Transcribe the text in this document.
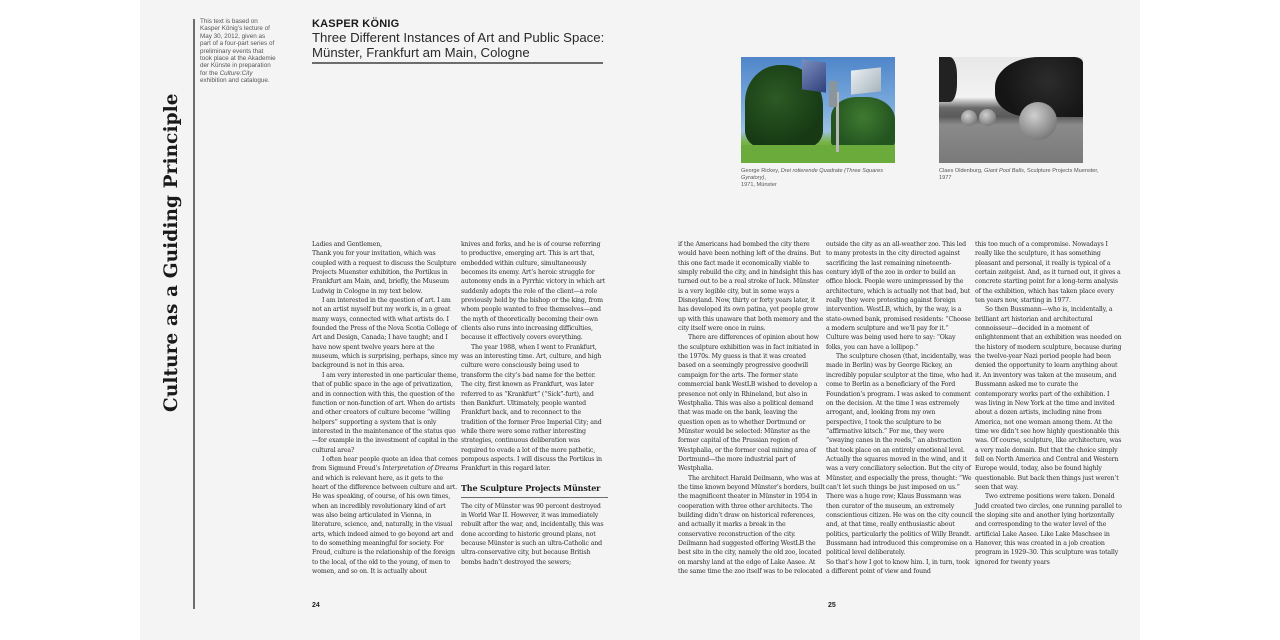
Culture as a Guiding Principle
This text is based on
Kasper König’s lecture of
May 30, 2012, given as
part of a four-part series of
preliminary events that
took place at the Akademie
der Künste in preparation
for the Culture:City
exhibition and catalogue.
KASPER KÖNIG
Three Different Instances of Art and Public Space:
Münster, Frankfurt am Main, Cologne
George Rickey, Drei rotierende Quadrate (Three Squares Gyratory),
1971, Münster
Claes Oldenburg, Giant Pool Balls, Sculpture Projects Muenster,
1977

Ladies and Gentlemen,

Thank you for your invitation, which was coupled with a request to discuss the Sculpture Projects Muenster exhibition, the Portikus in Frankfurt am Main, and, briefly, the Museum Ludwig in Cologne in my text below.

I am interested in the question of art. I am not an artist myself but my work is, in a great many ways, connected with what artists do. I founded the Press of the Nova Scotia College of Art and Design, Canada; I have taught; and I have now spent twelve years here at the museum, which is surprising, perhaps, since my background is not in this area.

I am very interested in one particular theme, that of public space in the age of privatization, and in connection with this, the question of the function or non-function of art. When do artists and other creators of culture become “willing helpers” supporting a system that is only interested in the maintenance of the status quo—for example in the investment of capital in the cultural area?

I often hear people quote an idea that comes from Sigmund Freud’s Interpretation of Dreams and which is relevant here, as it gets to the heart of the difference between culture and art. He was speaking, of course, of his own times, when an incredibly revolutionary kind of art was also being articulated in Vienna, in literature, science, and, naturally, in the visual arts, which indeed aimed to go beyond art and to do something meaningful for society. For Freud, culture is the relationship of the foreign to the local, of the old to the young, of men to women, and so on. It is actually about

knives and forks, and he is of course referring to productive, emerging art. This is art that, embedded within culture, simultaneously becomes its enemy. Art’s heroic struggle for autonomy ends in a Pyrrhic victory in which art suddenly adopts the role of the client—a role previously held by the bishop or the king, from whom people wanted to free themselves—and the myth of theoretically becoming their own clients also runs into increasing difficulties, because it effectively covers everything.

The year 1988, when I went to Frankfurt, was an interesting time. Art, culture, and high culture were consciously being used to transform the city’s bad name for the better. The city, first known as Frankfurt, was later referred to as “Krankfurt” (“Sick”-furt), and then Bankfurt. Ultimately, people wanted Frankfurt back, and to reconnect to the tradition of the former Free Imperial City; and while there were some rather interesting strategies, continuous deliberation was required to evade a lot of the more pathetic, pompous aspects. I will discuss the Portikus in Frankfurt in this regard later.

The Sculpture Projects Münster

The city of Münster was 90 percent destroyed in World War II. However, it was immediately rebuilt after the war, and, incidentally, this was done according to historic ground plans, not because Münster is such an ultra-Catholic and ultra-conservative city, but because British bombs hadn’t destroyed the sewers;

if the Americans had bombed the city there would have been nothing left of the drains. But this one fact made it economically viable to simply rebuild the city, and in hindsight this has turned out to be a real stroke of luck. Münster is a very legible city, but in some ways a Disneyland. Now, thirty or forty years later, it has developed its own patina, yet people grow up with this unaware that both memory and the city itself were once in ruins.

There are differences of opinion about how the sculpture exhibition was in fact initiated in the 1970s. My guess is that it was created based on a seemingly progressive goodwill campaign for the arts. The former state commercial bank WestLB wished to develop a presence not only in Rhineland, but also in Westphalia. This was also a political demand that was made on the bank, leaving the question open as to whether Dortmund or Münster would be selected: Münster as the former capital of the Prussian region of Westphalia, or the former coal mining area of Dortmund—the more industrial part of Westphalia.

The architect Harald Deilmann, who was at the time known beyond Münster’s borders, built the magnificent theater in Münster in 1954 in cooperation with three other architects. The building didn’t draw on historical references, and actually it marks a break in the conservative reconstruction of the city. Deilmann had suggested offering WestLB the best site in the city, namely the old zoo, located on marshy land at the edge of Lake Aasee. At the same time the zoo itself was to be relocated

outside the city as an all-weather zoo. This led to many protests in the city directed against sacrificing the last remaining nineteenth-century idyll of the zoo in order to build an office block. People were unimpressed by the architecture, which is actually not that bad, but really they were protesting against foreign intervention. WestLB, which, by the way, is a state-owned bank, promised residents: “Choose a modern sculpture and we’ll pay for it.” Culture was being used here to say: “Okay folks, you can have a lollipop.”

The sculpture chosen (that, incidentally, was made in Berlin) was by George Rickey, an incredibly popular sculptor at the time, who had come to Berlin as a beneficiary of the Ford Foundation’s program. I was asked to comment on the decision. At the time I was extremely arrogant, and, looking from my own perspective, I took the sculpture to be “affirmative kitsch.” For me, they were “swaying canes in the reeds,” an abstraction that took place on an entirely emotional level. Actually the squares moved in the wind, and it was a very conciliatory selection. But the city of Münster, and especially the press, thought: “We can’t let such things be just imposed on us.” There was a huge row; Klaus Bussmann was then curator of the museum, an extremely conscientious citizen. He was on the city council and, at that time, really enthusiastic about politics, particularly the politics of Willy Brandt. Bussmann had introduced this compromise on a political level deliberately.

So that’s how I got to know him. I, in turn, took a different point of view and found

this too much of a compromise. Nowadays I really like the sculpture, it has something pleasant and personal, it really is typical of a certain zeitgeist. And, as it turned out, it gives a concrete starting point for a long-term analysis of the exhibition, which has taken place every ten years now, starting in 1977.

So then Bussmann—who is, incidentally, a brilliant art historian and architectural connoisseur—decided in a moment of enlightenment that an exhibition was needed on the history of modern sculpture, because during the twelve-year Nazi period people had been denied the opportunity to learn anything about it. An inventory was taken at the museum, and Bussmann asked me to curate the contemporary works part of the exhibition. I was living in New York at the time and invited about a dozen artists, including nine from America, not one woman among them. At the time we didn’t see how highly questionable this was. Of course, sculpture, like architecture, was a very male domain. But that the choice simply fell on North America and Central and Western Europe would, today, also be found highly questionable. But back then things just weren’t seen that way.

Two extreme positions were taken. Donald Judd created two circles, one running parallel to the sloping site and another lying horizontally and corresponding to the water level of the artificial Lake Aasee. Like Lake Maschsee in Hanover, this was created in a job creation program in 1929–30. This sculpture was totally ignored for twenty years

24	25
